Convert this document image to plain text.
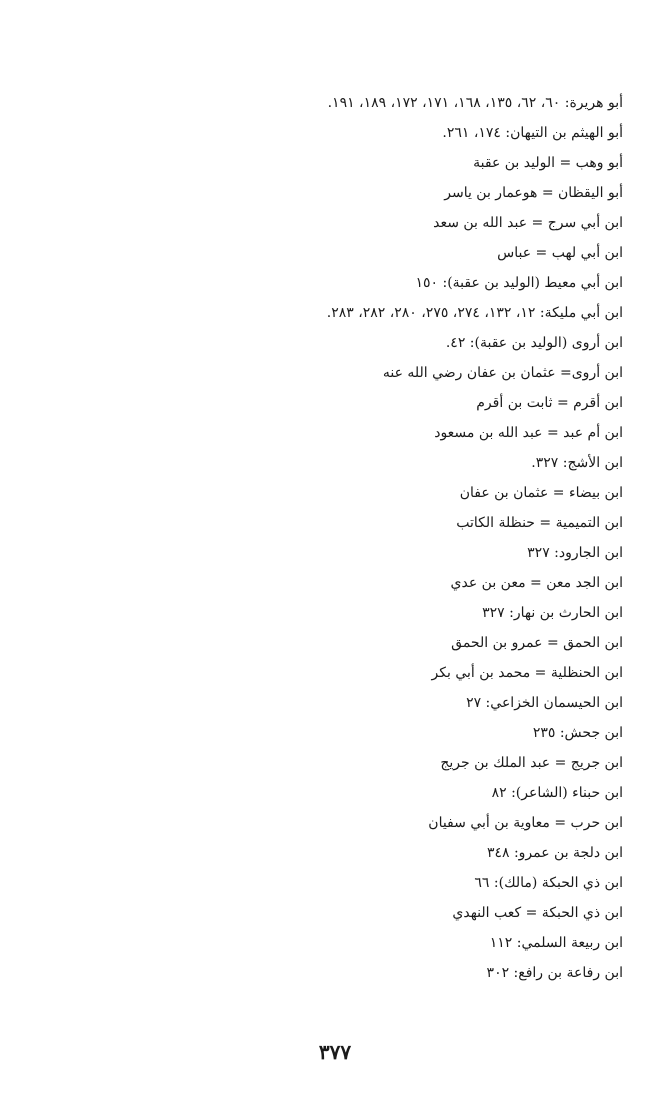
أبو هريرة: ٦٠، ٦٢، ١٣٥، ١٦٨، ١٧١، ١٧٢، ١٨٩، ١٩١.
أبو الهيثم بن التيهان: ١٧٤، ٢٦١.
أبو وهب = الوليد بن عقبة
أبو اليقظان = هوعمار بن ياسر
ابن أبي سرج = عبد الله بن سعد
ابن أبي لهب = عباس
ابن أبي معيط (الوليد بن عقبة): ١٥٠
ابن أبي مليكة: ١٢، ١٣٢، ٢٧٤، ٢٧٥، ٢٨٠، ٢٨٢، ٢٨٣.
ابن أروى (الوليد بن عقبة): ٤٢.
ابن أروى= عثمان بن عفان رضي الله عنه
ابن أقرم = ثابت بن أقرم
ابن أم عبد = عبد الله بن مسعود
ابن الأشج: ٣٢٧.
ابن بيضاء = عثمان بن عفان
ابن التميمية = حنظلة الكاتب
ابن الجارود: ٣٢٧
ابن الجد معن = معن بن عدي
ابن الحارث بن نهار: ٣٢٧
ابن الحمق = عمرو بن الحمق
ابن الحنظلية = محمد بن أبي بكر
ابن الحيسمان الخزاعي: ٢٧
ابن جحش: ٢٣٥
ابن جريج = عبد الملك بن جريج
ابن حبناء (الشاعر): ٨٢
ابن حرب = معاوية بن أبي سفيان
ابن دلجة بن عمرو: ٣٤٨
ابن ذي الحبكة (مالك): ٦٦
ابن ذي الحبكة = كعب النهدي
ابن ربيعة السلمي: ١١٢
ابن رفاعة بن رافع: ٣٠٢
٣٧٧
